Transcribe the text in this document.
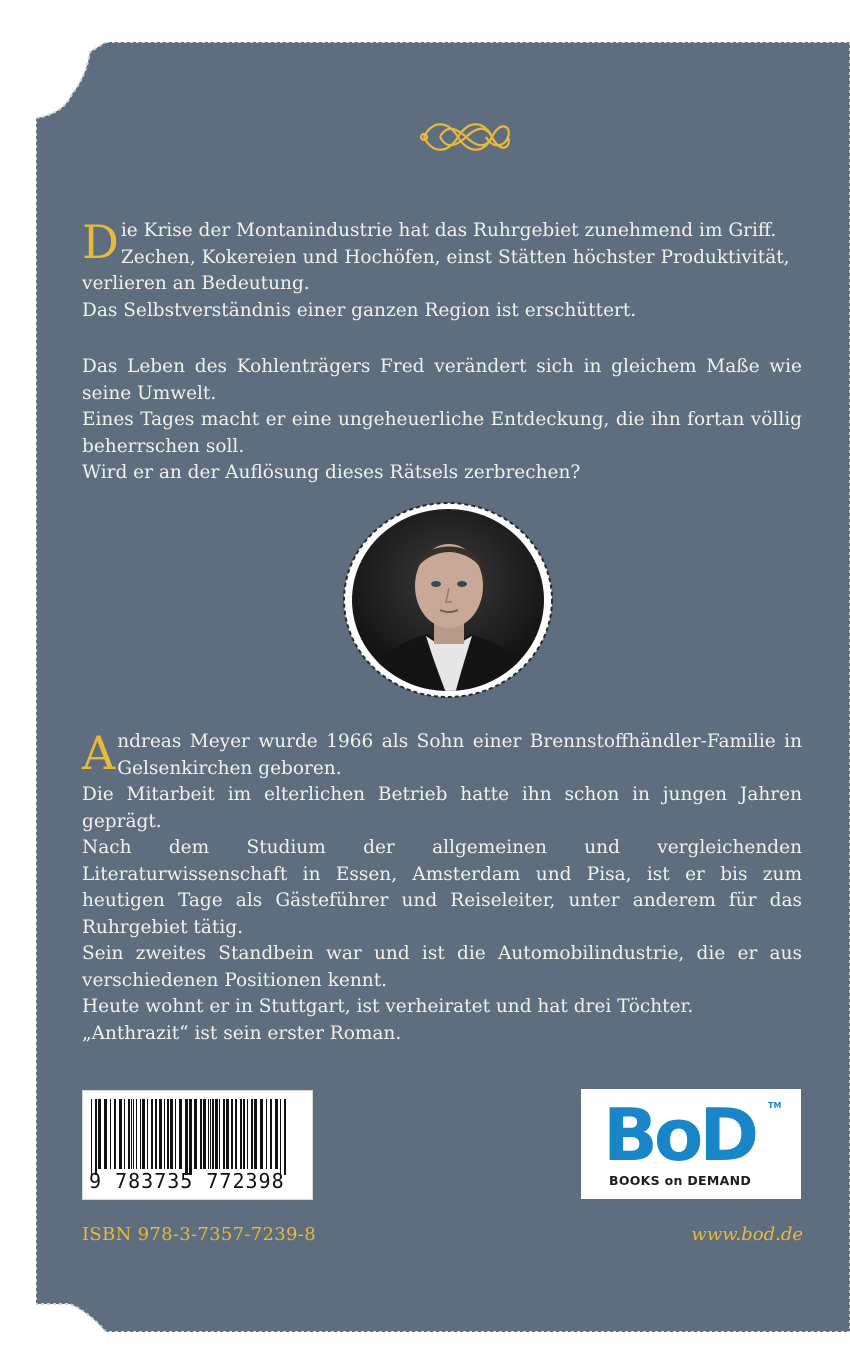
D ie Krise der Montanindustrie hat das Ruhrgebiet zunehmend im Griff.

Zechen, Kokereien und Hochöfen, einst Stätten höchster Produktivität,

verlieren an Bedeutung.

Das Selbstverständnis einer ganzen Region ist erschüttert.

Das Leben des Kohlenträgers Fred verändert sich in gleichem Maße wie seine Umwelt.

Eines Tages macht er eine ungeheuerliche Entdeckung, die ihn fortan völlig beherrschen soll.

Wird er an der Auflösung dieses Rätsels zerbrechen?

A ndreas Meyer wurde 1966 als Sohn einer Brennstoffhändler-Familie in Gelsenkirchen geboren.

Die Mitarbeit im elterlichen Betrieb hatte ihn schon in jungen Jahren geprägt.

Nach dem Studium der allgemeinen und vergleichenden Literaturwissenschaft in Essen, Amsterdam und Pisa, ist er bis zum heutigen Tage als Gästeführer und Reiseleiter, unter anderem für das Ruhrgebiet tätig.

Sein zweites Standbein war und ist die Automobilindustrie, die er aus verschiedenen Positionen kennt.

Heute wohnt er in Stuttgart, ist verheiratet und hat drei Töchter.

„Anthrazit“ ist sein erster Roman.

9 783735 772398
BoD TM
BOOKS on DEMAND
ISBN 978-3-7357-7239-8	www.bod.de
